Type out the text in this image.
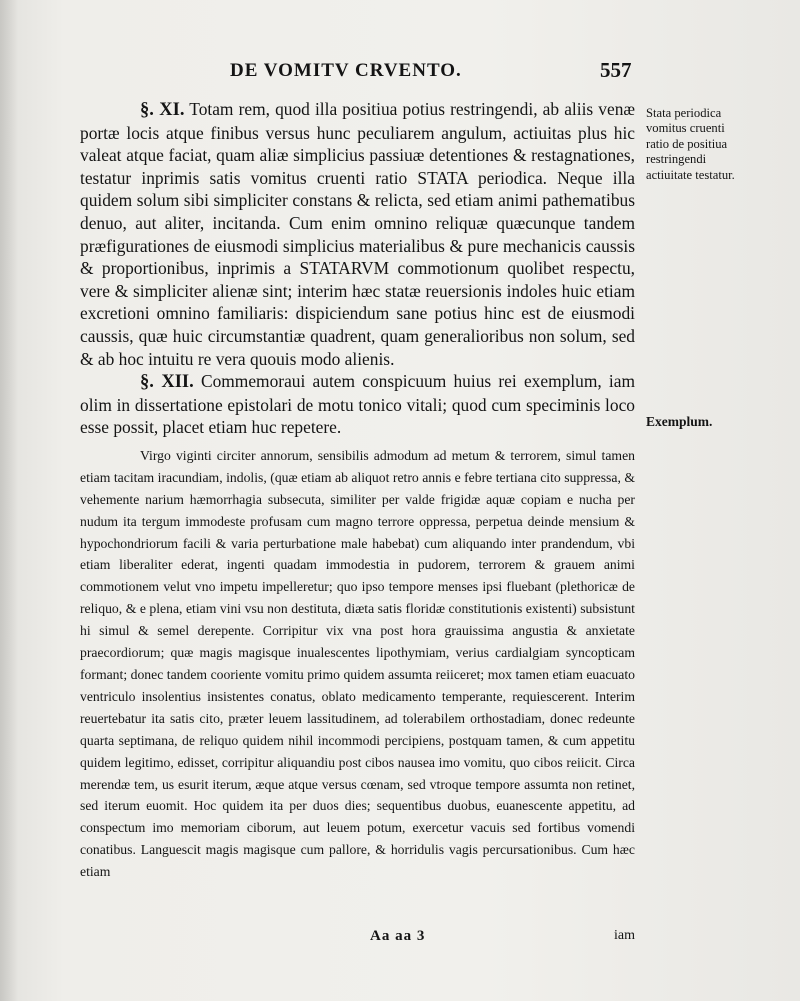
DE VOMITV CRVENTO.	557

§. XI. Totam rem, quod illa positiua potius restringendi, ab aliis venæ portæ locis atque finibus versus hunc peculiarem angulum, actiuitas plus hic valeat atque faciat, quam aliæ simplicius passiuæ detentiones & restagnationes, testatur inprimis satis vomitus cruenti ratio STATA periodica. Neque illa quidem solum sibi simpliciter constans & relicta, sed etiam animi pathematibus denuo, aut aliter, incitanda. Cum enim omnino reliquæ quæcunque tandem præfigurationes de eiusmodi simplicius materialibus & pure mechanicis caussis & proportionibus, inprimis a STATARVM commotionum quolibet respectu, vere & simpliciter alienæ sint; interim hæc statæ reuersionis indoles huic etiam excretioni omnino familiaris: dispiciendum sane potius hinc est de eiusmodi caussis, quæ huic circumstantiæ quadrent, quam generalioribus non solum, sed & ab hoc intuitu re vera quouis modo alienis.

§. XII. Commemoraui autem conspicuum huius rei exemplum, iam olim in dissertatione epistolari de motu tonico vitali; quod cum speciminis loco esse possit, placet etiam huc repetere.

Virgo viginti circiter annorum, sensibilis admodum ad metum & terrorem, simul tamen etiam tacitam iracundiam, indolis, (quæ etiam ab aliquot retro annis e febre tertiana cito suppressa, & vehemente narium hæmorrhagia subsecuta, similiter per valde frigidæ aquæ copiam e nucha per nudum ita tergum immodeste profusam cum magno terrore oppressa, perpetua deinde mensium & hypochondriorum facili & varia perturbatione male habebat) cum aliquando inter prandendum, vbi etiam liberaliter ederat, ingenti quadam immodestia in pudorem, terrorem & grauem animi commotionem velut vno impetu impelleretur; quo ipso tempore menses ipsi fluebant (plethoricæ de reliquo, & e plena, etiam vini vsu non destituta, diæta satis floridæ constitutionis existenti) subsistunt hi simul & semel derepente. Corripitur vix vna post hora grauissima angustia & anxietate praecordiorum; quæ magis magisque inualescentes lipothymiam, verius cardialgiam syncopticam formant; donec tandem cooriente vomitu primo quidem assumta reiiceret; mox tamen etiam euacuato ventriculo insolentius insistentes conatus, oblato medicamento temperante, requiescerent. Interim reuertebatur ita satis cito, præter leuem lassitudinem, ad tolerabilem orthostadiam, donec redeunte quarta septimana, de reliquo quidem nihil incommodi percipiens, postquam tamen, & cum appetitu quidem legitimo, edisset, corripitur aliquandiu post cibos nausea imo vomitu, quo cibos reiicit. Circa merendæ tem, us esurit iterum, æque atque versus cœnam, sed vtroque tempore assumta non retinet, sed iterum euomit. Hoc quidem ita per duos dies; sequentibus duobus, euanescente appetitu, ad conspectum imo memoriam ciborum, aut leuem potum, exercetur vacuis sed fortibus vomendi conatibus. Languescit magis magisque cum pallore, & horridulis vagis percursationibus. Cum hæc etiam

Stata periodica vomitus cruenti ratio de positiua restringendi actiuitate testatur.
Exemplum.
Aa aa 3	iam
